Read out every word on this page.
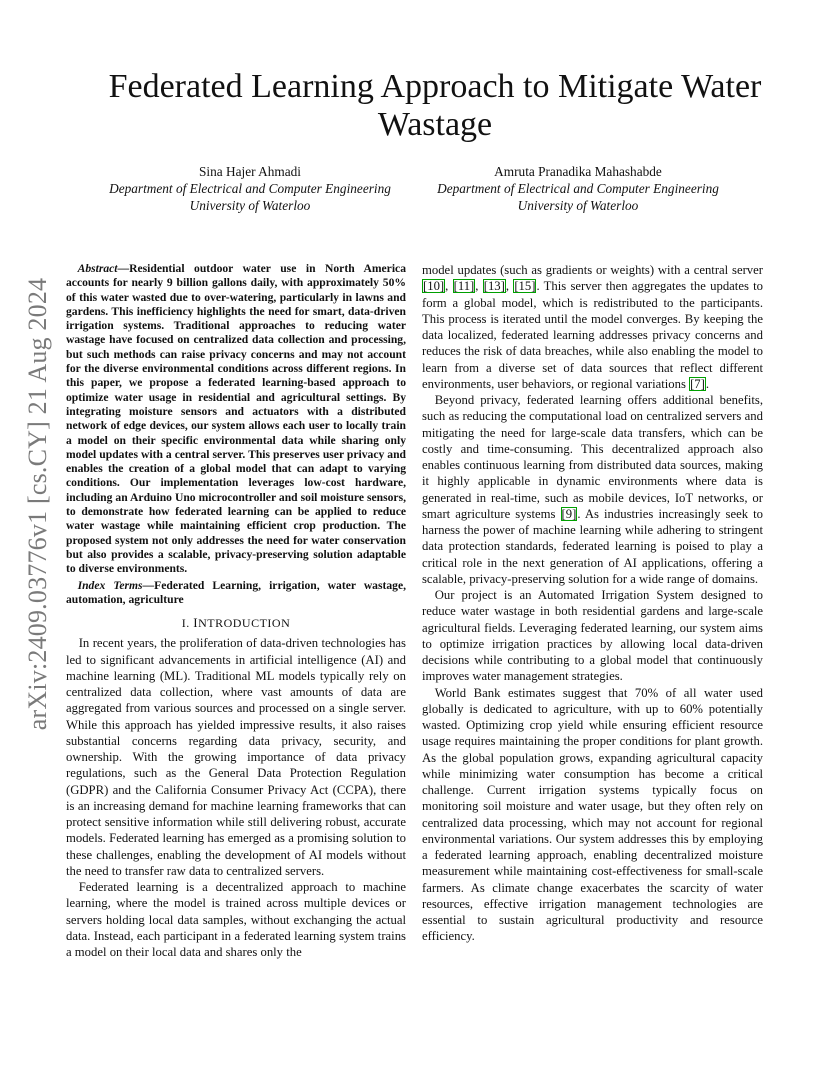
arXiv:2409.03776v1 [cs.CY] 21 Aug 2024
Federated Learning Approach to Mitigate Water Wastage
Sina Hajer Ahmadi
Department of Electrical and Computer Engineering
University of Waterloo
Amruta Pranadika Mahashabde
Department of Electrical and Computer Engineering
University of Waterloo

Abstract—Residential outdoor water use in North America accounts for nearly 9 billion gallons daily, with approximately 50% of this water wasted due to over-watering, particularly in lawns and gardens. This inefficiency highlights the need for smart, data-driven irrigation systems. Traditional approaches to reducing water wastage have focused on centralized data collection and processing, but such methods can raise privacy concerns and may not account for the diverse environmental conditions across different regions. In this paper, we propose a federated learning-based approach to optimize water usage in residential and agricultural settings. By integrating moisture sensors and actuators with a distributed network of edge devices, our system allows each user to locally train a model on their specific environmental data while sharing only model updates with a central server. This preserves user privacy and enables the creation of a global model that can adapt to varying conditions. Our implementation leverages low-cost hardware, including an Arduino Uno microcontroller and soil moisture sensors, to demonstrate how federated learning can be applied to reduce water wastage while maintaining efficient crop production. The proposed system not only addresses the need for water conservation but also provides a scalable, privacy-preserving solution adaptable to diverse environments.

Index Terms—Federated Learning, irrigation, water wastage, automation, agriculture

I. INTRODUCTION

In recent years, the proliferation of data-driven technologies has led to significant advancements in artificial intelligence (AI) and machine learning (ML). Traditional ML models typically rely on centralized data collection, where vast amounts of data are aggregated from various sources and processed on a single server. While this approach has yielded impressive results, it also raises substantial concerns regarding data privacy, security, and ownership. With the growing importance of data privacy regulations, such as the General Data Protection Regulation (GDPR) and the California Consumer Privacy Act (CCPA), there is an increasing demand for machine learning frameworks that can protect sensitive information while still delivering robust, accurate models. Federated learning has emerged as a promising solution to these challenges, enabling the development of AI models without the need to transfer raw data to centralized servers.

Federated learning is a decentralized approach to machine learning, where the model is trained across multiple devices or servers holding local data samples, without exchanging the actual data. Instead, each participant in a federated learning system trains a model on their local data and shares only the

model updates (such as gradients or weights) with a central server [10], [11], [13], [15]. This server then aggregates the updates to form a global model, which is redistributed to the participants. This process is iterated until the model converges. By keeping the data localized, federated learning addresses privacy concerns and reduces the risk of data breaches, while also enabling the model to learn from a diverse set of data sources that reflect different environments, user behaviors, or regional variations [7].

Beyond privacy, federated learning offers additional benefits, such as reducing the computational load on centralized servers and mitigating the need for large-scale data transfers, which can be costly and time-consuming. This decentralized approach also enables continuous learning from distributed data sources, making it highly applicable in dynamic environments where data is generated in real-time, such as mobile devices, IoT networks, or smart agriculture systems [9]. As industries increasingly seek to harness the power of machine learning while adhering to stringent data protection standards, federated learning is poised to play a critical role in the next generation of AI applications, offering a scalable, privacy-preserving solution for a wide range of domains.

Our project is an Automated Irrigation System designed to reduce water wastage in both residential gardens and large-scale agricultural fields. Leveraging federated learning, our system aims to optimize irrigation practices by allowing local data-driven decisions while contributing to a global model that continuously improves water management strategies.

World Bank estimates suggest that 70% of all water used globally is dedicated to agriculture, with up to 60% potentially wasted. Optimizing crop yield while ensuring efficient resource usage requires maintaining the proper conditions for plant growth. As the global population grows, expanding agricultural capacity while minimizing water consumption has become a critical challenge. Current irrigation systems typically focus on monitoring soil moisture and water usage, but they often rely on centralized data processing, which may not account for regional environmental variations. Our system addresses this by employing a federated learning approach, enabling decentralized moisture measurement while maintaining cost-effectiveness for small-scale farmers. As climate change exacerbates the scarcity of water resources, effective irrigation management technologies are essential to sustain agricultural productivity and resource efficiency.
